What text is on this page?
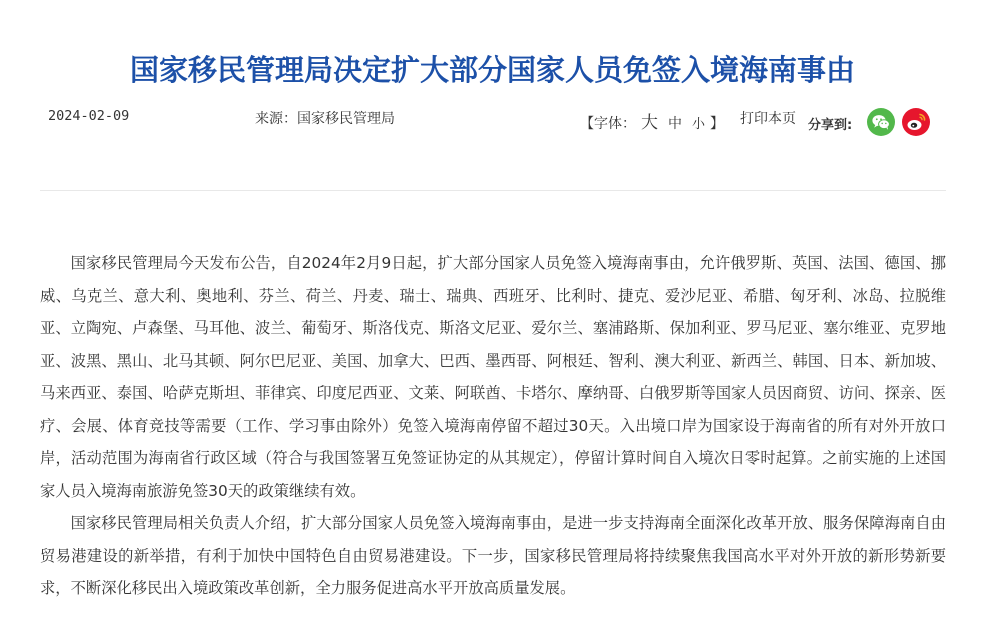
国家移民管理局决定扩大部分国家人员免签入境海南事由
2024-02-09	来源：国家移民管理局	【字体： 大 中 小 】 打印本页 分享到:

国家移民管理局今天发布公告，自2024年2月9日起，扩大部分国家人员免签入境海南事由，允许俄罗斯、英国、法国、德国、挪威、乌克兰、意大利、奥地利、芬兰、荷兰、丹麦、瑞士、瑞典、西班牙、比利时、捷克、爱沙尼亚、希腊、匈牙利、冰岛、拉脱维亚、立陶宛、卢森堡、马耳他、波兰、葡萄牙、斯洛伐克、斯洛文尼亚、爱尔兰、塞浦路斯、保加利亚、罗马尼亚、塞尔维亚、克罗地亚、波黑、黑山、北马其顿、阿尔巴尼亚、美国、加拿大、巴西、墨西哥、阿根廷、智利、澳大利亚、新西兰、韩国、日本、新加坡、马来西亚、泰国、哈萨克斯坦、菲律宾、印度尼西亚、文莱、阿联酋、卡塔尔、摩纳哥、白俄罗斯等国家人员因商贸、访问、探亲、医疗、会展、体育竞技等需要（工作、学习事由除外）免签入境海南停留不超过30天。入出境口岸为国家设于海南省的所有对外开放口岸，活动范围为海南省行政区域（符合与我国签署互免签证协定的从其规定），停留计算时间自入境次日零时起算。之前实施的上述国家人员入境海南旅游免签30天的政策继续有效。

国家移民管理局相关负责人介绍，扩大部分国家人员免签入境海南事由，是进一步支持海南全面深化改革开放、服务保障海南自由贸易港建设的新举措，有利于加快中国特色自由贸易港建设。下一步，国家移民管理局将持续聚焦我国高水平对外开放的新形势新要求，不断深化移民出入境政策改革创新，全力服务促进高水平开放高质量发展。
